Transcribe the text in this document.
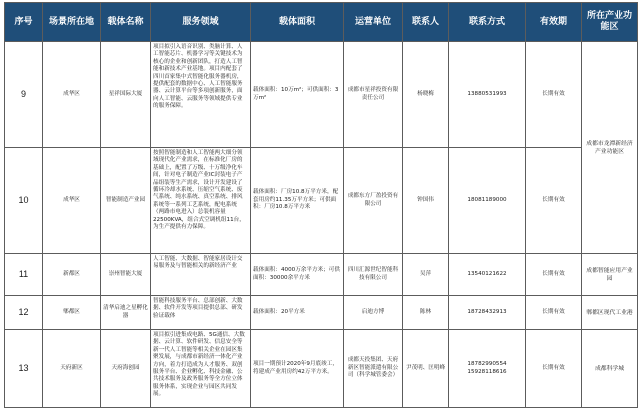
序号	场景所在地	载体名称	服务领域	载体面积	运营单位	联系人	联系方式	有效期	所在产业功能区
9	成华区	星祥国际大厦	项目拟引入语音识别、类脑计算、人工智能芯片、机器学习等关键技术为核心的企业和创新团队，打造人工智能和新技术产业基地。项目内配套了四川首家集中式智能化服务器机房，提供配套的数据中心、人工智能服务器、云计算平台等多项创新服务，面向人工智能、云服务等领域提供专业的服务保障。	载体面积：10万m²；可供面积：3万m²	成都市星祥投资有限责任公司	杨晓梅	13880531993	长期有效	成都市龙潭新经济产业功能区
10	成华区	智能制造产业园	按照智能制造和人工智能两大细分领域现代化产业需求，在标准化厂房的基础上，配置了万级、十万级净化车间，针对电子制造产业IC封装电子产品组装等生产需求，设计开发建设了循环冷却水系统、压缩空气系统、废气系统、纯水系统、真空系统、排风系统等一系列工艺系统，配电系统（两路市电进入）总装机容量22500KVA，组合式空调机组11台，为生产提供有力保障。	载体面积：厂房10.8万平方米，配套用房约11.35万平方米；可供面积：厂房10.8万平方米	成都东方厂盈投资有限公司	钟国伟	18081189000	长期有效	
11	新都区	崇州智能大厦	人工智能、大数据、智能家居设计交易服务及与智能相关的新经济产业	载体面积：4000万余平方米；可供面积：30000余平方米	四川汇源世纪智能科技有限公司	吴萍	13540121622	长期有效	成都智能应用产业园
12	郫都区	清华启迪之星孵化器	智能科技服务平台、总部创新、大数据、软件开发等项目提供总部、研发验证载体	载体面积：20平方米	启迪方博	陈林	18728432913	长期有效	郫都区现代工业港
13	天府新区	天府海创园	项目拟引进集成电路、5G通信、大数据、云计算、软件研发、信息安全等新一代人工智能等相关企业在园区集聚发展，与成都市新经济一体化产业方向，着力打造成为人才服务、双创服务平台、企业孵化、科技金融、公共技术服务及政务服务等全方位立体服务体系，实现企业与园区共同发展。	项目一期预计2020年9月底竣工，将建成产业用房约42万平方米。	成都天投集团、天府新区智能派遣有限公司（科学城管委会）	尹茂明、匡明峰	18782990554 15928118616	长期有效	成都科学城
